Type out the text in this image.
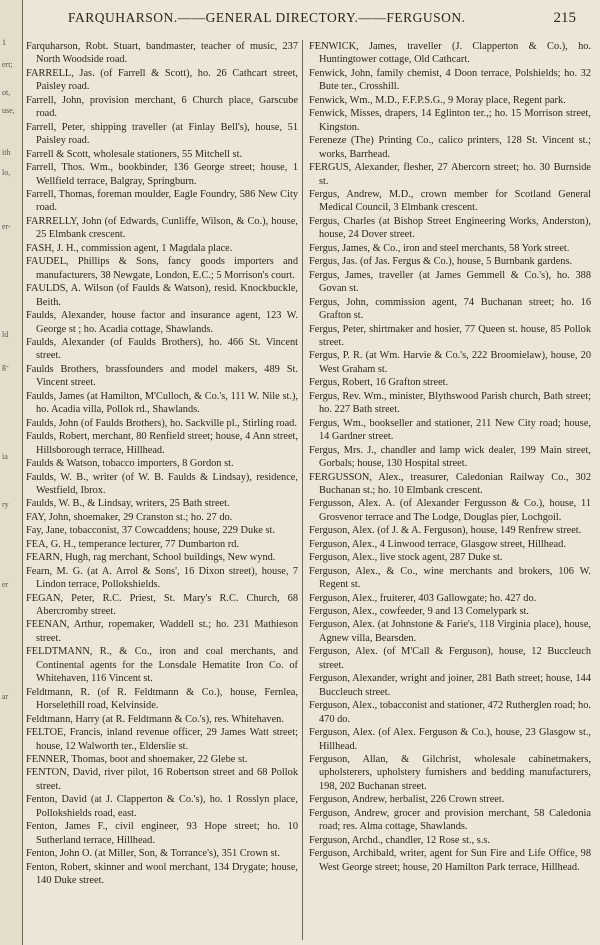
1
ert;
ot,
use,
ith
lo,
er-
ld
g-
ia
ry
er
ar
FARQUHARSON.——GENERAL DIRECTORY.——FERGUSON.	215

Farquharson, Robt. Stuart, bandmaster, teacher of music, 237 North Woodside road.

FARRELL, Jas. (of Farrell & Scott), ho. 26 Cathcart street, Paisley road.

Farrell, John, provision merchant, 6 Church place, Garscube road.

Farrell, Peter, shipping traveller (at Finlay Bell's), house, 51 Paisley road.

Farrell & Scott, wholesale stationers, 55 Mitchell st.

Farrell, Thos. Wm., bookbinder, 136 George street; house, 1 Wellfield terrace, Balgray, Springburn.

Farrell, Thomas, foreman moulder, Eagle Foundry, 586 New City road.

FARRELLY, John (of Edwards, Cunliffe, Wilson, & Co.), house, 25 Elmbank crescent.

FASH, J. H., commission agent, 1 Magdala place.

FAUDEL, Phillips & Sons, fancy goods importers and manufacturers, 38 Newgate, London, E.C.; 5 Morrison's court.

FAULDS, A. Wilson (of Faulds & Watson), resid. Knockbuckle, Beith.

Faulds, Alexander, house factor and insurance agent, 123 W. George st ; ho. Acadia cottage, Shawlands.

Faulds, Alexander (of Faulds Brothers), ho. 466 St. Vincent street.

Faulds Brothers, brassfounders and model makers, 489 St. Vincent street.

Faulds, James (at Hamilton, M'Culloch, & Co.'s, 111 W. Nile st.), ho. Acadia villa, Pollok rd., Shawlands.

Faulds, John (of Faulds Brothers), ho. Sackville pl., Stirling road.

Faulds, Robert, merchant, 80 Renfield street; house, 4 Ann street, Hillsborough terrace, Hillhead.

Faulds & Watson, tobacco importers, 8 Gordon st.

Faulds, W. B., writer (of W. B. Faulds & Lindsay), residence, Westfield, Ibrox.

Faulds, W. B., & Lindsay, writers, 25 Bath street.

FAY, John, shoemaker, 29 Cranston st.; ho. 27 do.

Fay, Jane, tobacconist, 37 Cowcaddens; house, 229 Duke st.

FEA, G. H., temperance lecturer, 77 Dumbarton rd.

FEARN, Hugh, rag merchant, School buildings, New wynd.

Fearn, M. G. (at A. Arrol & Sons', 16 Dixon street), house, 7 Lindon terrace, Pollokshields.

FEGAN, Peter, R.C. Priest, St. Mary's R.C. Church, 68 Abercromby street.

FEENAN, Arthur, ropemaker, Waddell st.; ho. 231 Mathieson street.

FELDTMANN, R., & Co., iron and coal merchants, and Continental agents for the Lonsdale Hematite Iron Co. of Whitehaven, 116 Vincent st.

Feldtmann, R. (of R. Feldtmann & Co.), house, Fernlea, Horselethill road, Kelvinside.

Feldtmann, Harry (at R. Feldtmann & Co.'s), res. Whitehaven.

FELTOE, Francis, inland revenue officer, 29 James Watt street; house, 12 Walworth ter., Elderslie st.

FENNER, Thomas, boot and shoemaker, 22 Glebe st.

FENTON, David, river pilot, 16 Robertson street and 68 Pollok street.

Fenton, David (at J. Clapperton & Co.'s), ho. 1 Rosslyn place, Pollokshields road, east.

Fenton, James F., civil engineer, 93 Hope street; ho. 10 Sutherland terrace, Hillhead.

Fenton, John O. (at Miller, Son, & Torrance's), 351 Crown st.

Fenton, Robert, skinner and wool merchant, 134 Drygate; house, 140 Duke street.

FENWICK, James, traveller (J. Clapperton & Co.), ho. Huntingtower cottage, Old Cathcart.

Fenwick, John, family chemist, 4 Doon terrace, Polshields; ho. 32 Bute ter., Crosshill.

Fenwick, Wm., M.D., F.F.P.S.G., 9 Moray place, Regent park.

Fenwick, Misses, drapers, 14 Eglinton ter.,; ho. 15 Morrison street, Kingston.

Fereneze (The) Printing Co., calico printers, 128 St. Vincent st.; works, Barrhead.

FERGUS, Alexander, flesher, 27 Abercorn street; ho. 30 Burnside st.

Fergus, Andrew, M.D., crown member for Scotland General Medical Council, 3 Elmbank crescent.

Fergus, Charles (at Bishop Street Engineering Works, Anderston), house, 24 Dover street.

Fergus, James, & Co., iron and steel merchants, 58 York street.

Fergus, Jas. (of Jas. Fergus & Co.), house, 5 Burnbank gardens.

Fergus, James, traveller (at James Gemmell & Co.'s), ho. 388 Govan st.

Fergus, John, commission agent, 74 Buchanan street; ho. 16 Grafton st.

Fergus, Peter, shirtmaker and hosier, 77 Queen st. house, 85 Pollok street.

Fergus, P. R. (at Wm. Harvie & Co.'s, 222 Broomielaw), house, 20 West Graham st.

Fergus, Robert, 16 Grafton street.

Fergus, Rev. Wm., minister, Blythswood Parish church, Bath street; ho. 227 Bath street.

Fergus, Wm., bookseller and stationer, 211 New City road; house, 14 Gardner street.

Fergus, Mrs. J., chandler and lamp wick dealer, 199 Main street, Gorbals; house, 130 Hospital street.

FERGUSSON, Alex., treasurer, Caledonian Railway Co., 302 Buchanan st.; ho. 10 Elmbank crescent.

Fergusson, Alex. A. (of Alexander Fergusson & Co.), house, 11 Grosvenor terrace and The Lodge, Douglas pier, Lochgoil.

Ferguson, Alex. (of J. & A. Ferguson), house, 149 Renfrew street.

Ferguson, Alex., 4 Linwood terrace, Glasgow street, Hillhead.

Ferguson, Alex., live stock agent, 287 Duke st.

Ferguson, Alex., & Co., wine merchants and brokers, 106 W. Regent st.

Ferguson, Alex., fruiterer, 403 Gallowgate; ho. 427 do.

Ferguson, Alex., cowfeeder, 9 and 13 Comelypark st.

Ferguson, Alex. (at Johnstone & Farie's, 118 Virginia place), house, Agnew villa, Bearsden.

Ferguson, Alex. (of M'Call & Ferguson), house, 12 Buccleuch street.

Ferguson, Alexander, wright and joiner, 281 Bath street; house, 144 Buccleuch street.

Ferguson, Alex., tobacconist and stationer, 472 Rutherglen road; ho. 470 do.

Ferguson, Alex. (of Alex. Ferguson & Co.), house, 23 Glasgow st., Hillhead.

Ferguson, Allan, & Gilchrist, wholesale cabinetmakers, upholsterers, upholstery furnishers and bedding manufacturers, 198, 202 Buchanan street.

Ferguson, Andrew, herbalist, 226 Crown street.

Ferguson, Andrew, grocer and provision merchant, 58 Caledonia road; res. Alma cottage, Shawlands.

Ferguson, Archd., chandler, 12 Rose st., s.s.

Ferguson, Archibald, writer, agent for Sun Fire and Life Office, 98 West George street; house, 20 Hamilton Park terrace, Hillhead.
